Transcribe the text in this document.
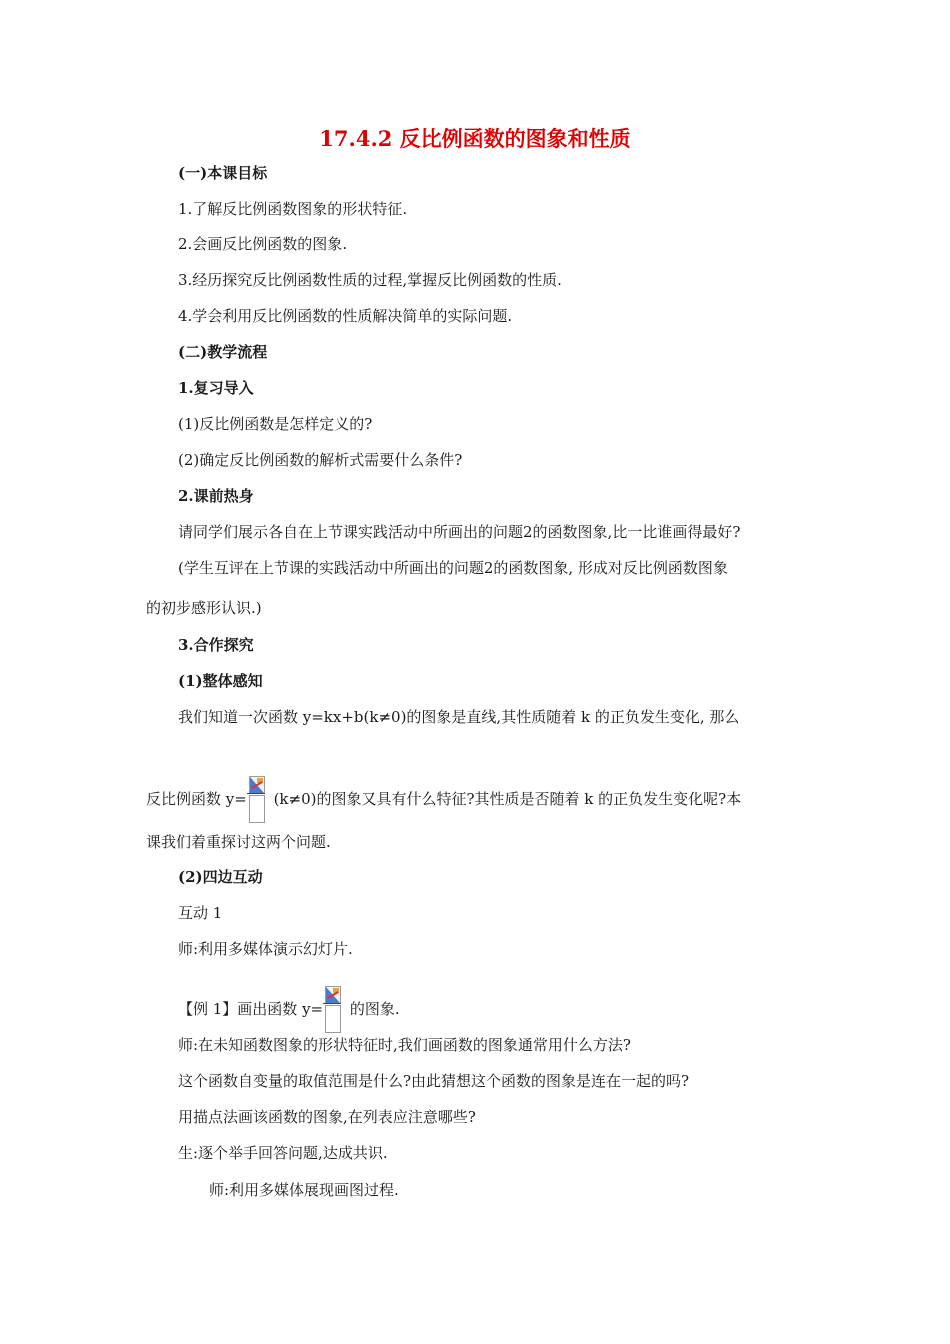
17.4.2 反比例函数的图象和性质
(一)本课目标
1.了解反比例函数图象的形状特征.
2.会画反比例函数的图象.
3.经历探究反比例函数性质的过程,掌握反比例函数的性质.
4.学会利用反比例函数的性质解决简单的实际问题.
(二)教学流程
1.复习导入
(1)反比例函数是怎样定义的?
(2)确定反比例函数的解析式需要什么条件?
2.课前热身
请同学们展示各自在上节课实践活动中所画出的问题2的函数图象,比一比谁画得最好?
(学生互评在上节课的实践活动中所画出的问题2的函数图象, 形成对反比例函数图象
的初步感形认识.)
3.合作探究
(1)整体感知
我们知道一次函数 y=kx+b(k≠0)的图象是直线,其性质随着 k 的正负发生变化, 那么
反比例函数 y=
(k≠0)的图象又具有什么特征?其性质是否随着 k 的正负发生变化呢?本
课我们着重探讨这两个问题.
(2)四边互动
互动 1
师:利用多媒体演示幻灯片.
【例 1】画出函数 y=
的图象.
师:在未知函数图象的形状特征时,我们画函数的图象通常用什么方法?
这个函数自变量的取值范围是什么?由此猜想这个函数的图象是连在一起的吗?
用描点法画该函数的图象,在列表应注意哪些?
生:逐个举手回答问题,达成共识.
师:利用多媒体展现画图过程.
